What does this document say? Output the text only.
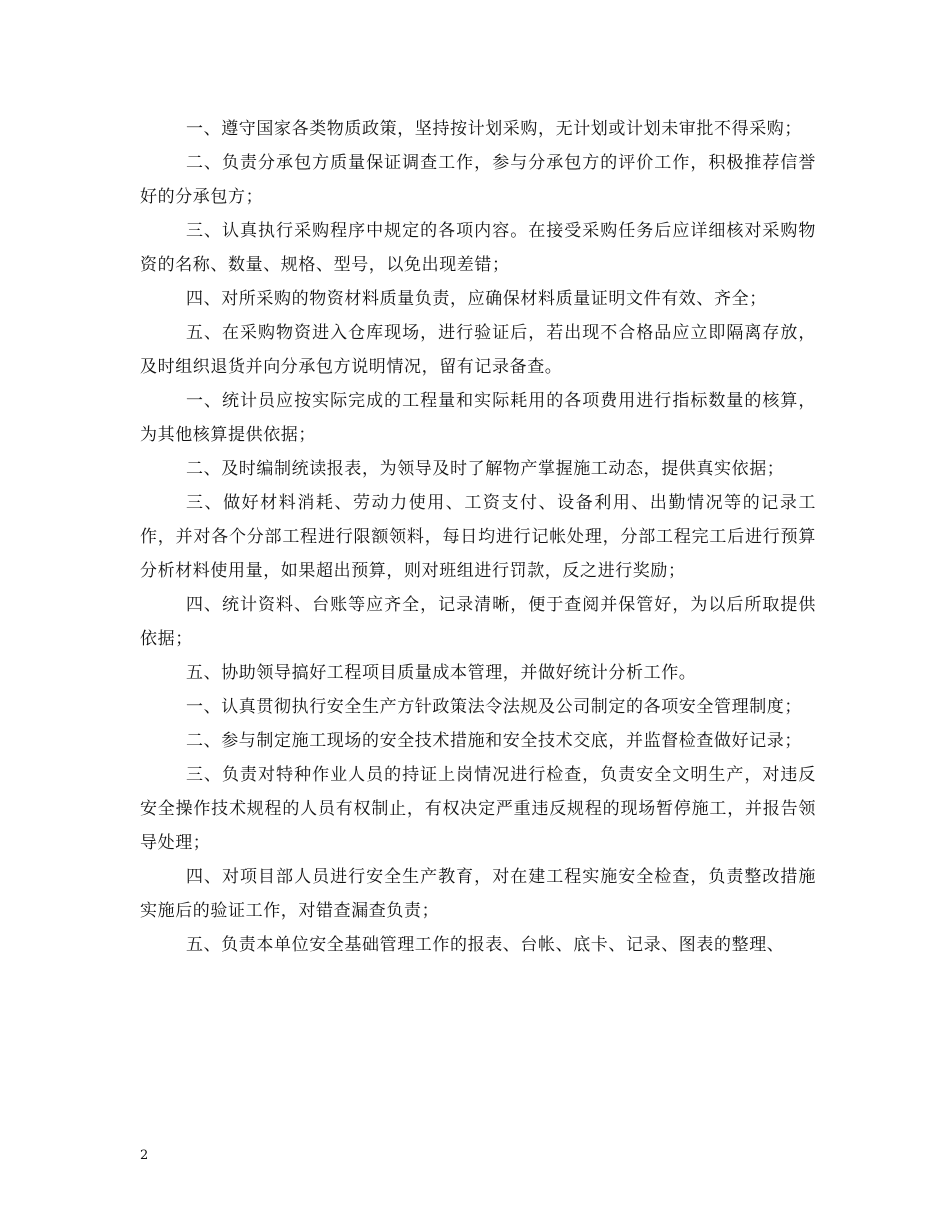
一、遵守国家各类物质政策，坚持按计划采购，无计划或计划未审批不得采购；

二、负责分承包方质量保证调查工作，参与分承包方的评价工作，积极推荐信誉好的分承包方；

三、认真执行采购程序中规定的各项内容。在接受采购任务后应详细核对采购物资的名称、数量、规格、型号，以免出现差错；

四、对所采购的物资材料质量负责，应确保材料质量证明文件有效、齐全；

五、在采购物资进入仓库现场，进行验证后，若出现不合格品应立即隔离存放，及时组织退货并向分承包方说明情况，留有记录备查。

一、统计员应按实际完成的工程量和实际耗用的各项费用进行指标数量的核算，为其他核算提供依据；

二、及时编制统读报表，为领导及时了解物产掌握施工动态，提供真实依据；

三、做好材料消耗、劳动力使用、工资支付、设备利用、出勤情况等的记录工作，并对各个分部工程进行限额领料，每日均进行记帐处理，分部工程完工后进行预算分析材料使用量，如果超出预算，则对班组进行罚款，反之进行奖励；

四、统计资料、台账等应齐全，记录清晰，便于查阅并保管好，为以后所取提供依据；

五、协助领导搞好工程项目质量成本管理，并做好统计分析工作。

一、认真贯彻执行安全生产方针政策法令法规及公司制定的各项安全管理制度；

二、参与制定施工现场的安全技术措施和安全技术交底，并监督检查做好记录；

三、负责对特种作业人员的持证上岗情况进行检查，负责安全文明生产，对违反安全操作技术规程的人员有权制止，有权决定严重违反规程的现场暂停施工，并报告领导处理；

四、对项目部人员进行安全生产教育，对在建工程实施安全检查，负责整改措施实施后的验证工作，对错查漏查负责；

五、负责本单位安全基础管理工作的报表、台帐、底卡、记录、图表的整理、

2
